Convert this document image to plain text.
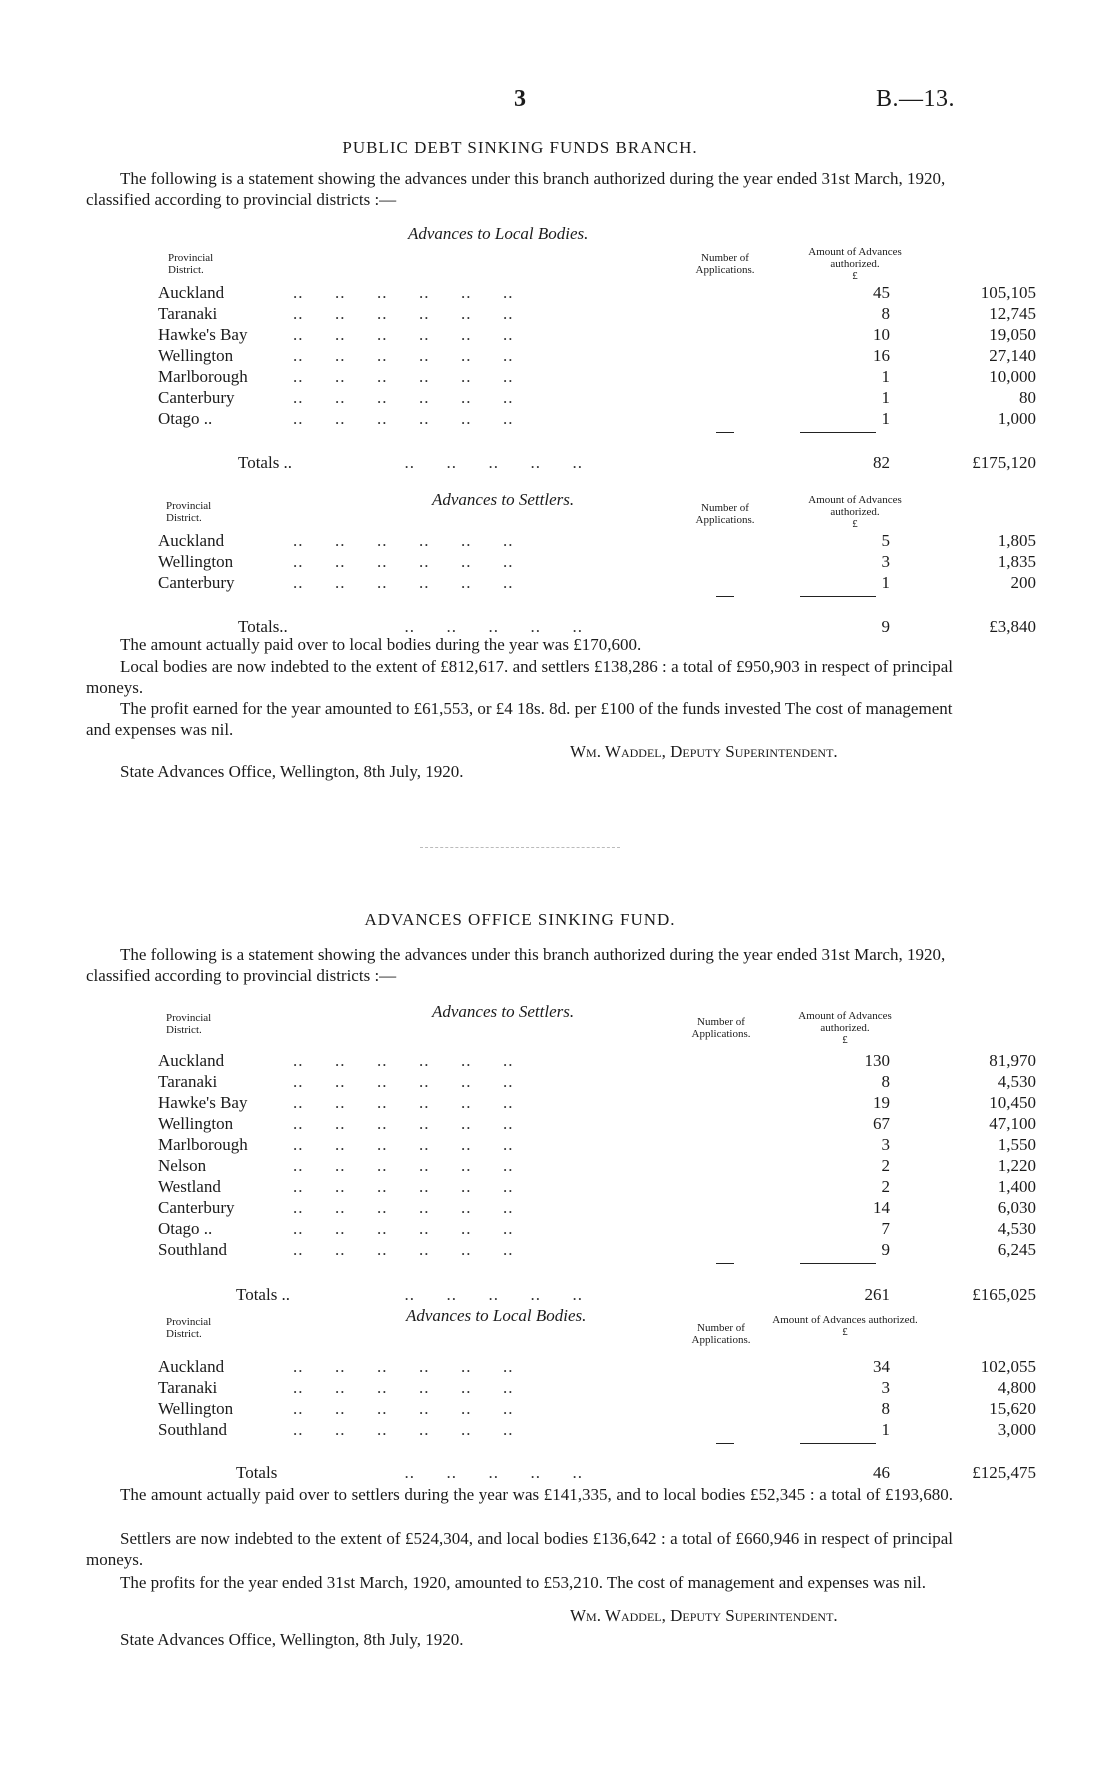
3	B.—13.
PUBLIC DEBT SINKING FUNDS BRANCH.
The following is a statement showing the advances under this branch authorized during the year ended 31st March, 1920, classified according to provincial districts :—
Advances to Local Bodies.
Provincial District.
Number of Applications.
Amount of Advances authorized.
£
Auckland	..      ..      ..      ..      ..      ..	45	105,105
Taranaki	..      ..      ..      ..      ..      ..	8	12,745
Hawke's Bay	..      ..      ..      ..      ..      ..	10	19,050
Wellington	..      ..      ..      ..      ..      ..	16	27,140
Marlborough	..      ..      ..      ..      ..      ..	1	10,000
Canterbury	..      ..      ..      ..      ..      ..	1	80
Otago ..	..      ..      ..      ..      ..      ..	1	1,000
Totals ..	..      ..      ..      ..      ..	82	£175,120
Advances to Settlers.
Provincial District.
Number of Applications.
Amount of Advances authorized.
£
Auckland	..      ..      ..      ..      ..      ..	5	1,805
Wellington	..      ..      ..      ..      ..      ..	3	1,835
Canterbury	..      ..      ..      ..      ..      ..	1	200
Totals..	..      ..      ..      ..      ..	9	£3,840
The amount actually paid over to local bodies during the year was £170,600.
Local bodies are now indebted to the extent of £812,617. and settlers £138,286 : a total of £950,903 in respect of principal moneys.
The profit earned for the year amounted to £61,553, or £4 18s. 8d. per £100 of the funds invested The cost of management and expenses was nil.
Wm. Waddel, Deputy Superintendent.
State Advances Office, Wellington, 8th July, 1920.
ADVANCES OFFICE SINKING FUND.
The following is a statement showing the advances under this branch authorized during the year ended 31st March, 1920, classified according to provincial districts :—
Advances to Settlers.
Provincial District.
Number of Applications.
Amount of Advances authorized.
£
Auckland	..      ..      ..      ..      ..      ..	130	81,970
Taranaki	..      ..      ..      ..      ..      ..	8	4,530
Hawke's Bay	..      ..      ..      ..      ..      ..	19	10,450
Wellington	..      ..      ..      ..      ..      ..	67	47,100
Marlborough	..      ..      ..      ..      ..      ..	3	1,550
Nelson	..      ..      ..      ..      ..      ..	2	1,220
Westland	..      ..      ..      ..      ..      ..	2	1,400
Canterbury	..      ..      ..      ..      ..      ..	14	6,030
Otago ..	..      ..      ..      ..      ..      ..	7	4,530
Southland	..      ..      ..      ..      ..      ..	9	6,245
Totals ..	..      ..      ..      ..      ..	261	£165,025
Advances to Local Bodies.
Provincial District.	Number of Applications.
Amount of Advances authorized.
£
Auckland	..      ..      ..      ..      ..      ..	34	102,055
Taranaki	..      ..      ..      ..      ..      ..	3	4,800
Wellington	..      ..      ..      ..      ..      ..	8	15,620
Southland	..      ..      ..      ..      ..      ..	1	3,000
Totals	..      ..      ..      ..      ..	46	£125,475
The amount actually paid over to settlers during the year was £141,335, and to local bodies £52,345 : a total of £193,680.
Settlers are now indebted to the extent of £524,304, and local bodies £136,642 : a total of £660,946 in respect of principal moneys.
The profits for the year ended 31st March, 1920, amounted to £53,210. The cost of management and expenses was nil.
Wm. Waddel, Deputy Superintendent.
State Advances Office, Wellington, 8th July, 1920.
